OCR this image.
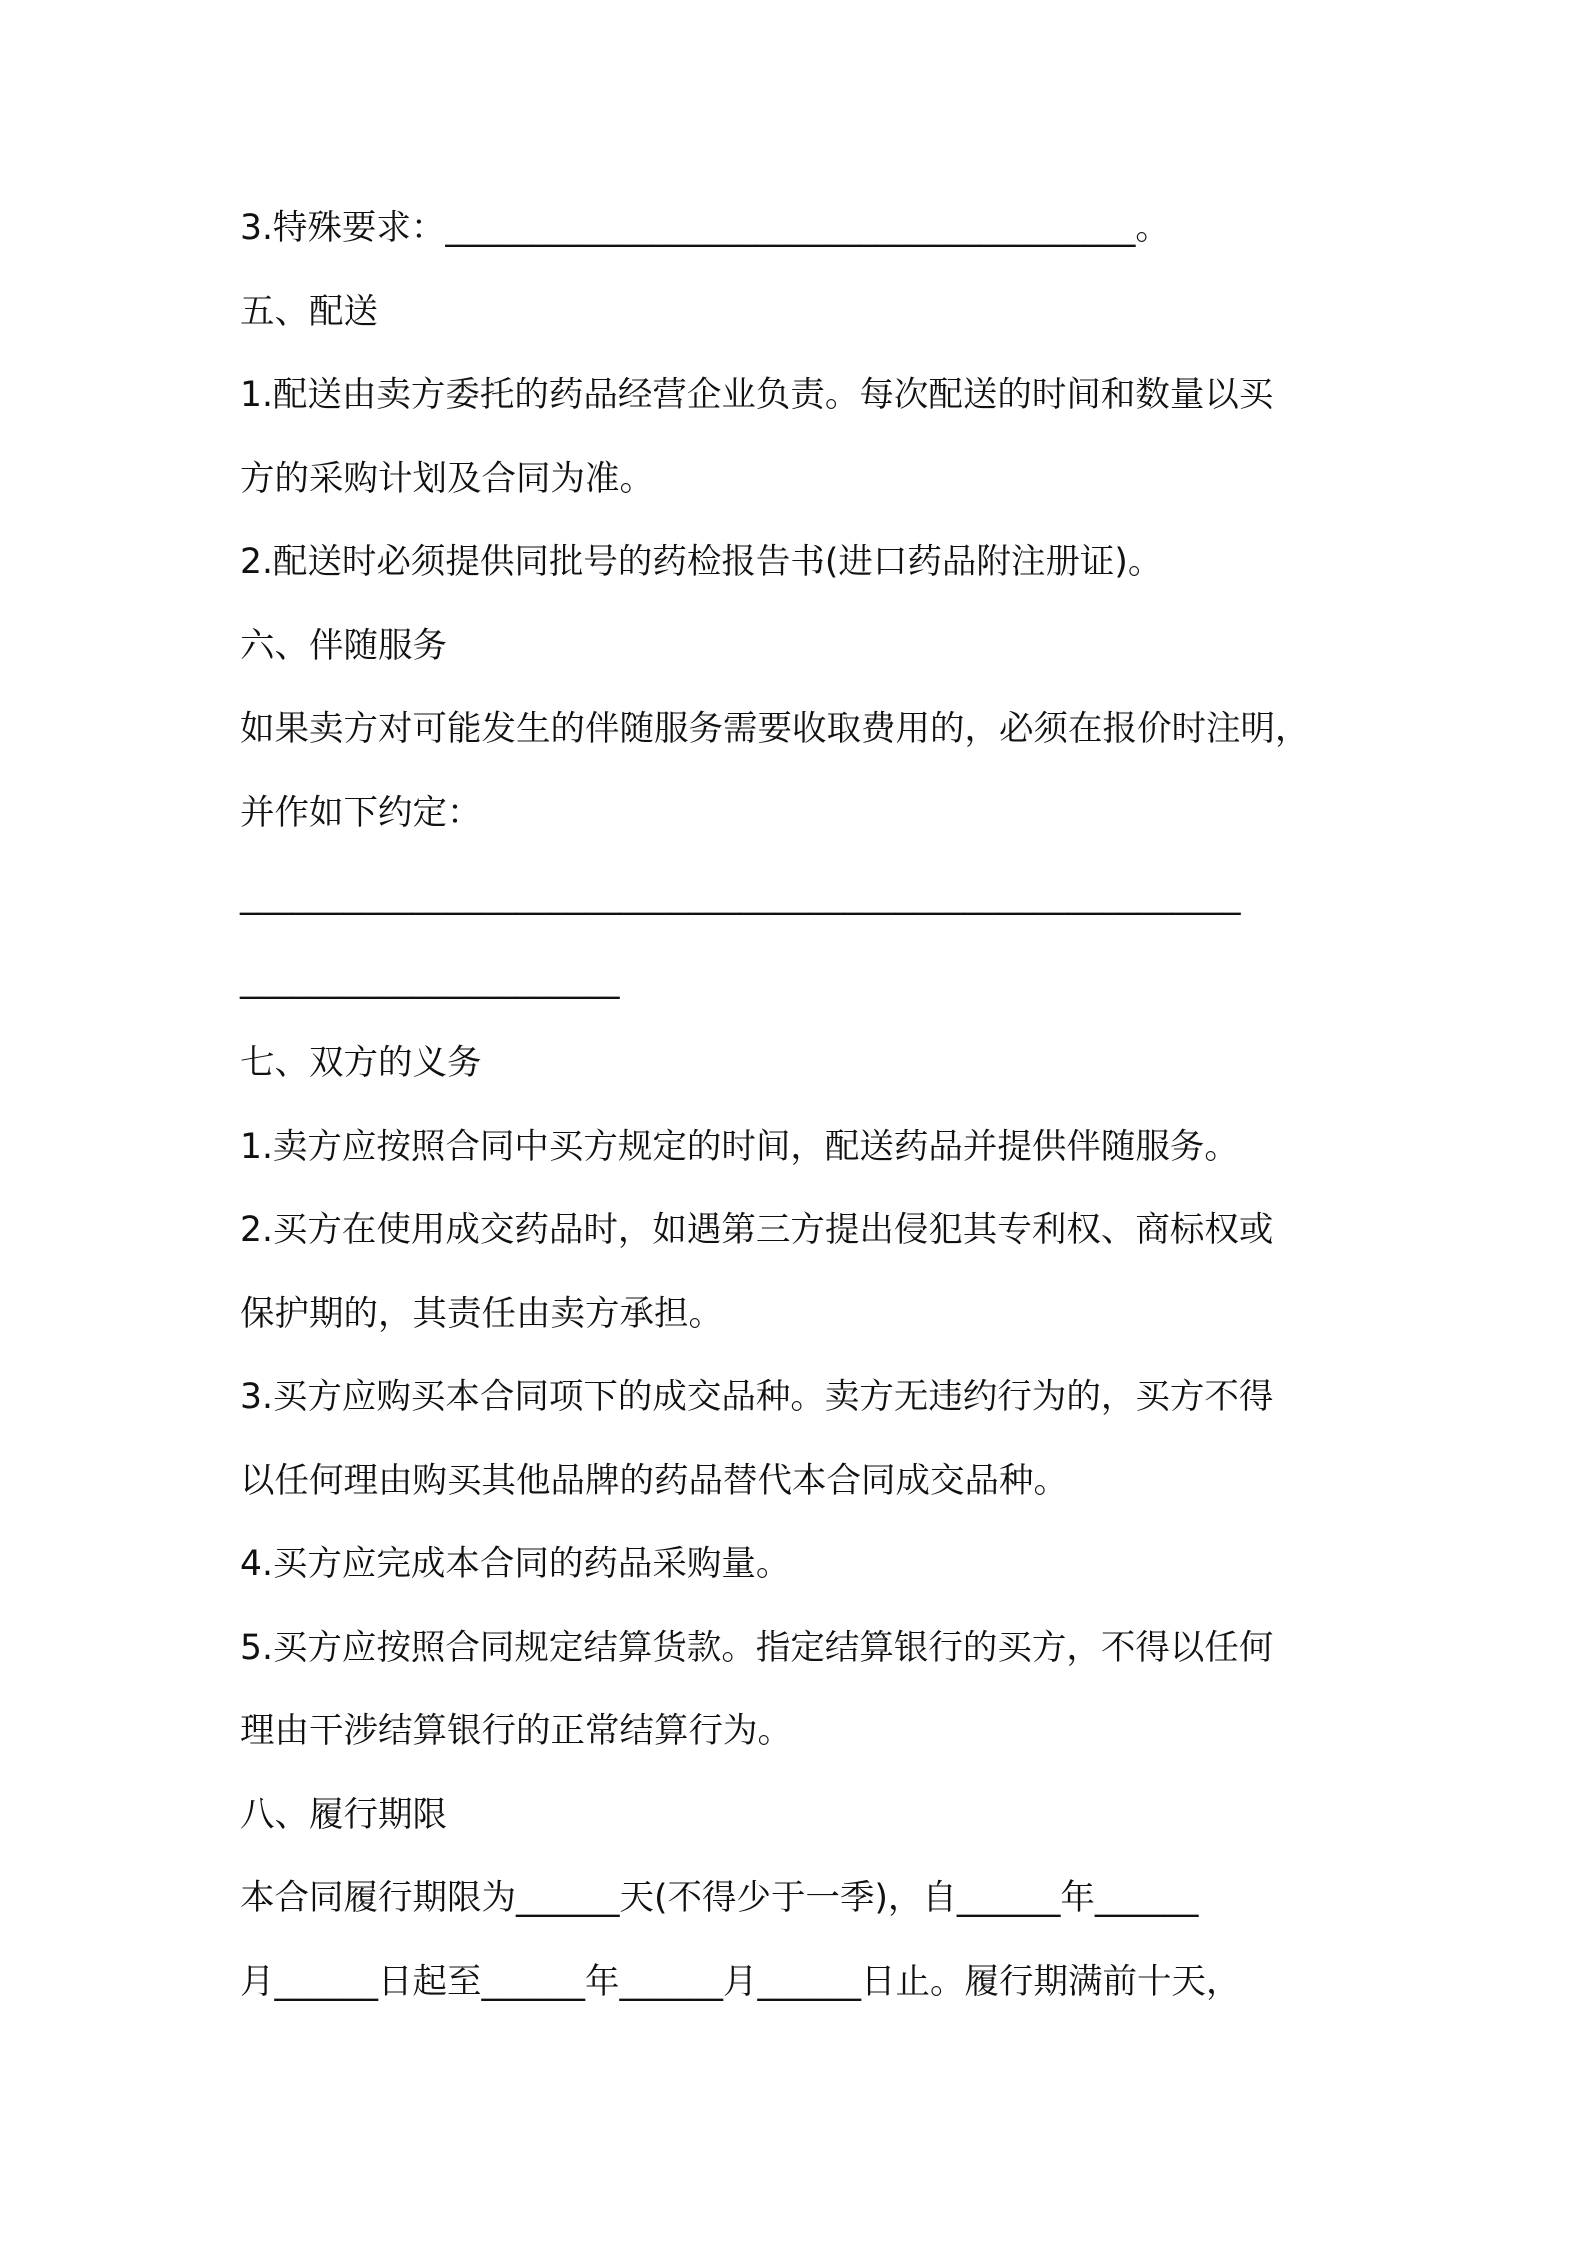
3.特殊要求：________________________________________。
五、配送
1.配送由卖方委托的药品经营企业负责。每次配送的时间和数量以买
方的采购计划及合同为准。
2.配送时必须提供同批号的药检报告书(进口药品附注册证)。
六、伴随服务
如果卖方对可能发生的伴随服务需要收取费用的，必须在报价时注明，
并作如下约定：
__________________________________________________________
______________________
七、双方的义务
1.卖方应按照合同中买方规定的时间，配送药品并提供伴随服务。
2.买方在使用成交药品时，如遇第三方提出侵犯其专利权、商标权或
保护期的，其责任由卖方承担。
3.买方应购买本合同项下的成交品种。卖方无违约行为的，买方不得
以任何理由购买其他品牌的药品替代本合同成交品种。
4.买方应完成本合同的药品采购量。
5.买方应按照合同规定结算货款。指定结算银行的买方，不得以任何
理由干涉结算银行的正常结算行为。
八、履行期限
本合同履行期限为______天(不得少于一季)，自______年______
月______日起至______年______月______日止。履行期满前十天，
